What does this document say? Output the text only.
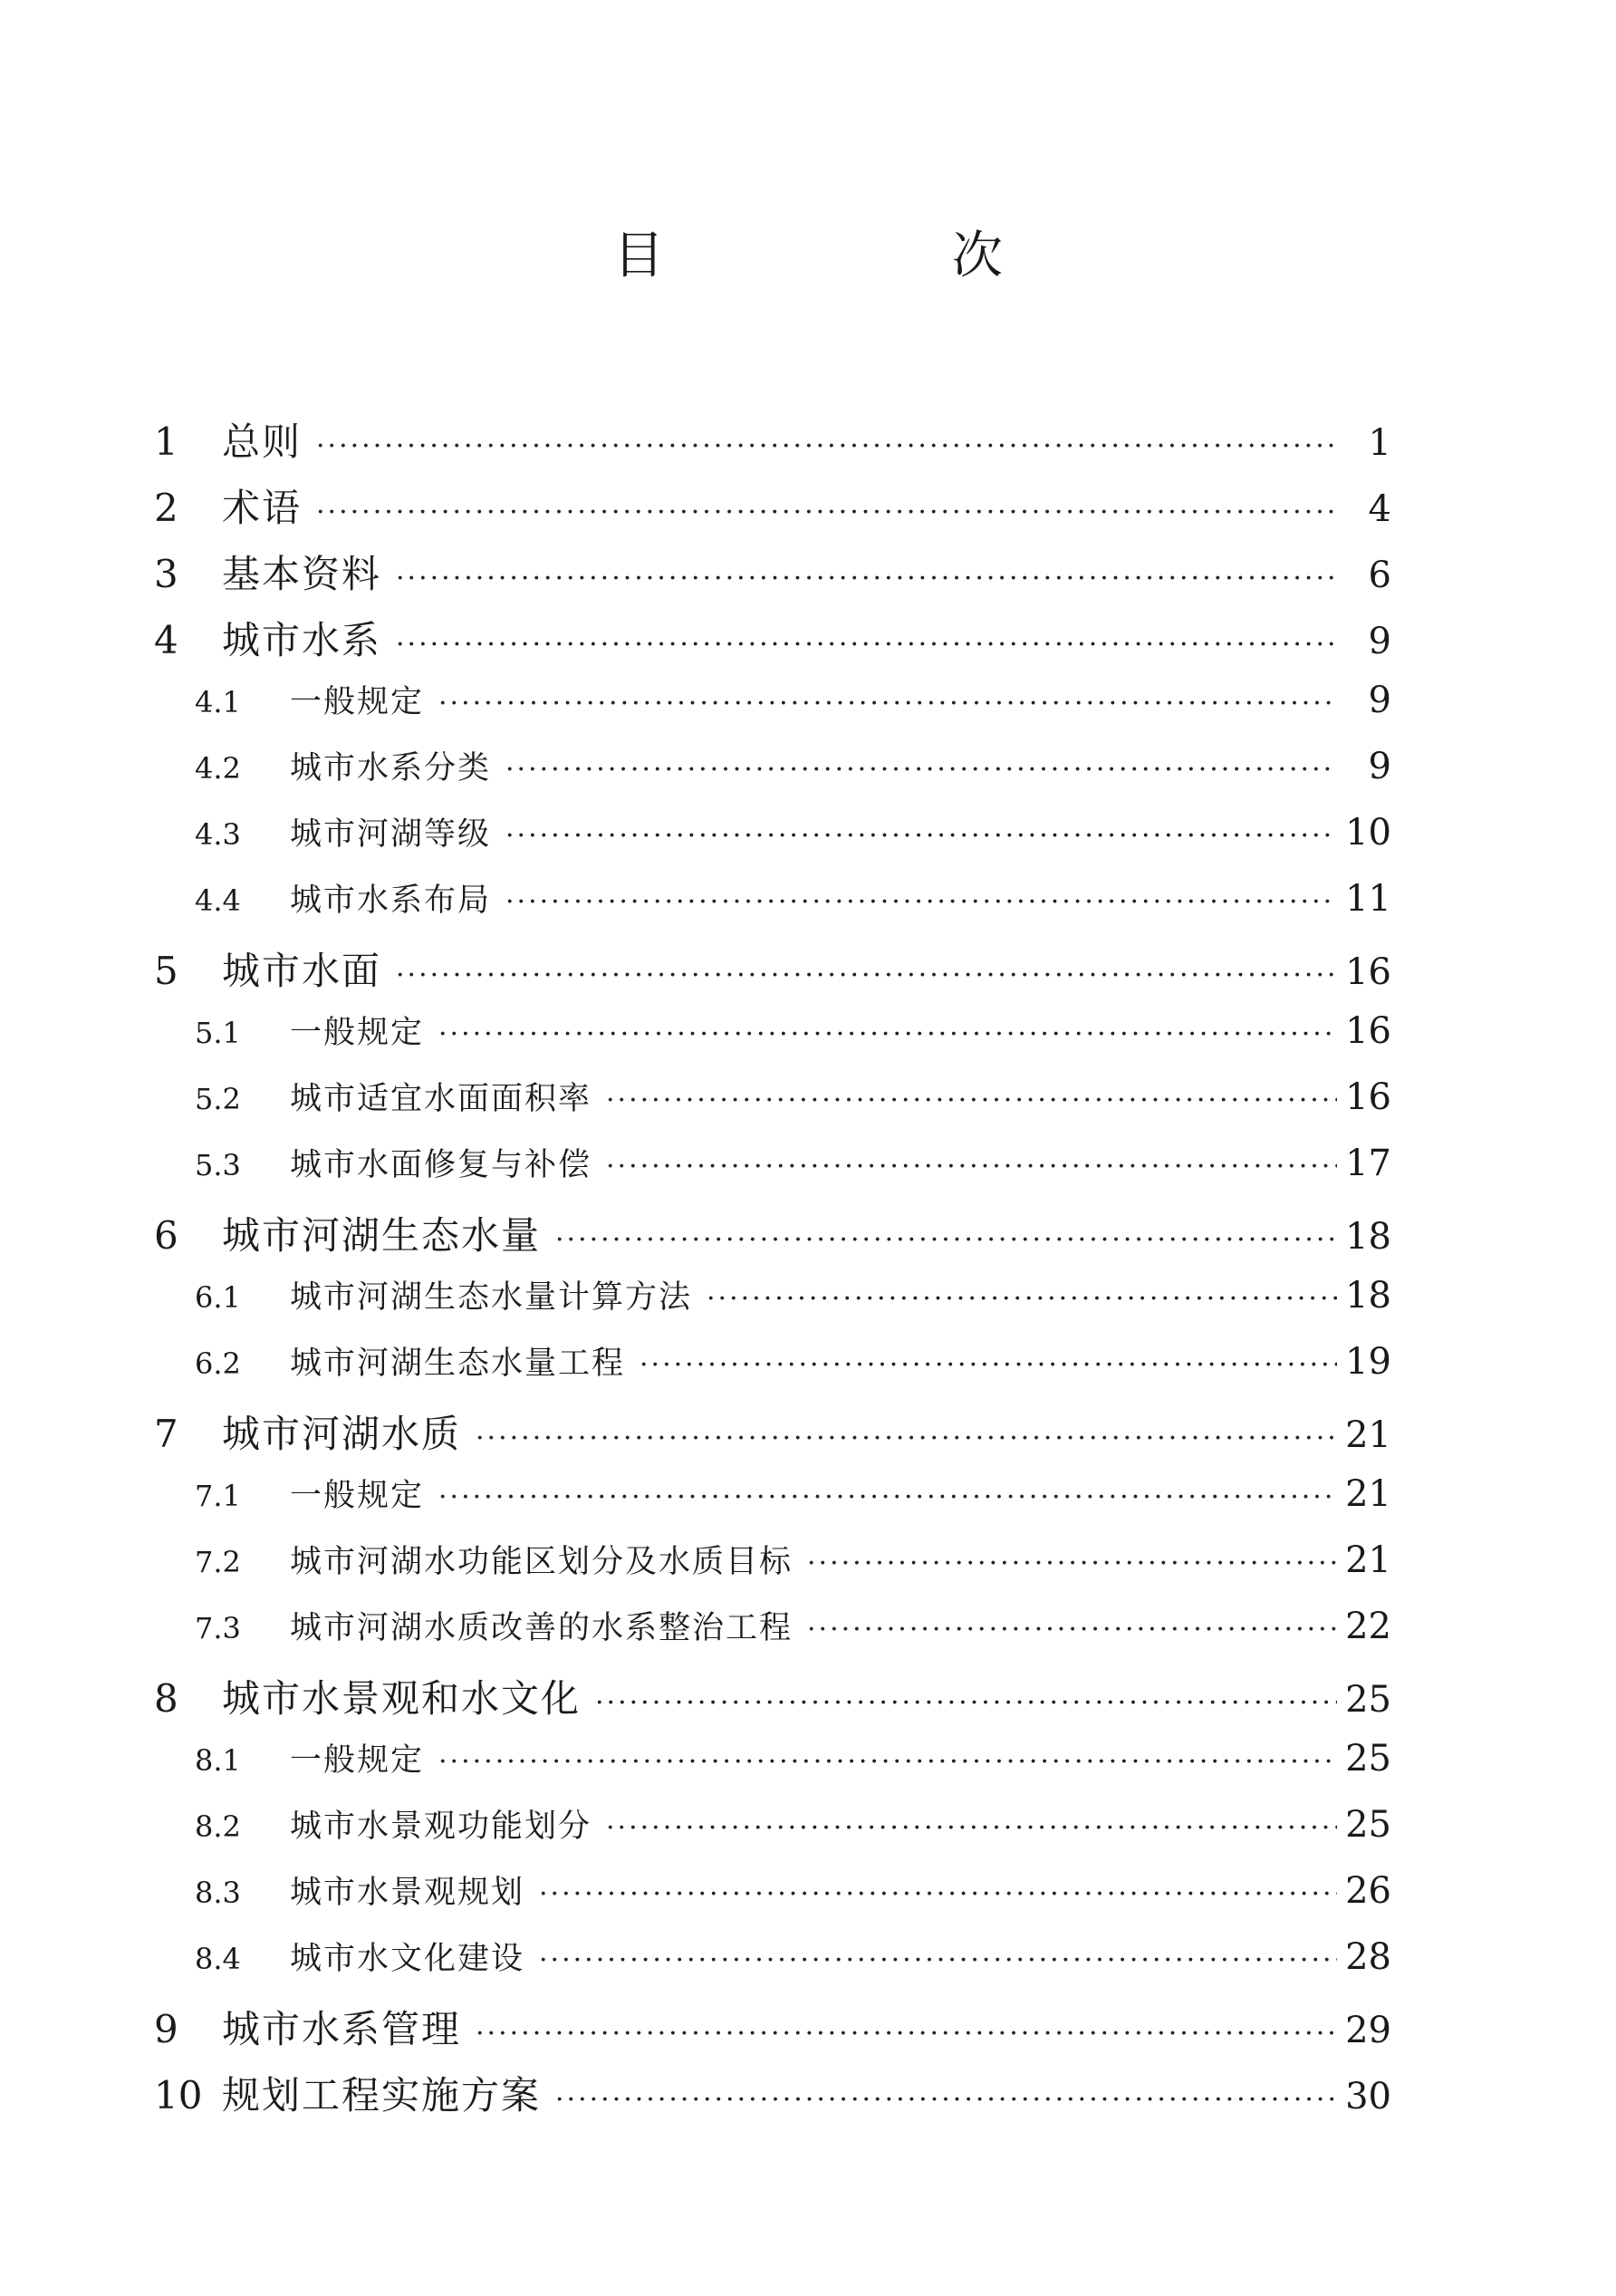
目 次
1	总则 ·····	1
2	术语 ·····	4
3	基本资料 ·····	6
4	城市水系 ·····	9
4.1	一般规定 ·····	9
4.2	城市水系分类 ·····	9
4.3	城市河湖等级 ·····	10
4.4	城市水系布局 ·····	11
5	城市水面 ·····	16
5.1	一般规定 ·····	16
5.2	城市适宜水面面积率 ·····	16
5.3	城市水面修复与补偿 ·····	17
6	城市河湖生态水量 ·····	18
6.1	城市河湖生态水量计算方法 ·····	18
6.2	城市河湖生态水量工程 ·····	19
7	城市河湖水质 ·····	21
7.1	一般规定 ·····	21
7.2	城市河湖水功能区划分及水质目标 ·····	21
7.3	城市河湖水质改善的水系整治工程 ·····	22
8	城市水景观和水文化 ·····	25
8.1	一般规定 ·····	25
8.2	城市水景观功能划分 ·····	25
8.3	城市水景观规划 ·····	26
8.4	城市水文化建设 ·····	28
9	城市水系管理 ·····	29
10 规划工程实施方案 ·····	30
